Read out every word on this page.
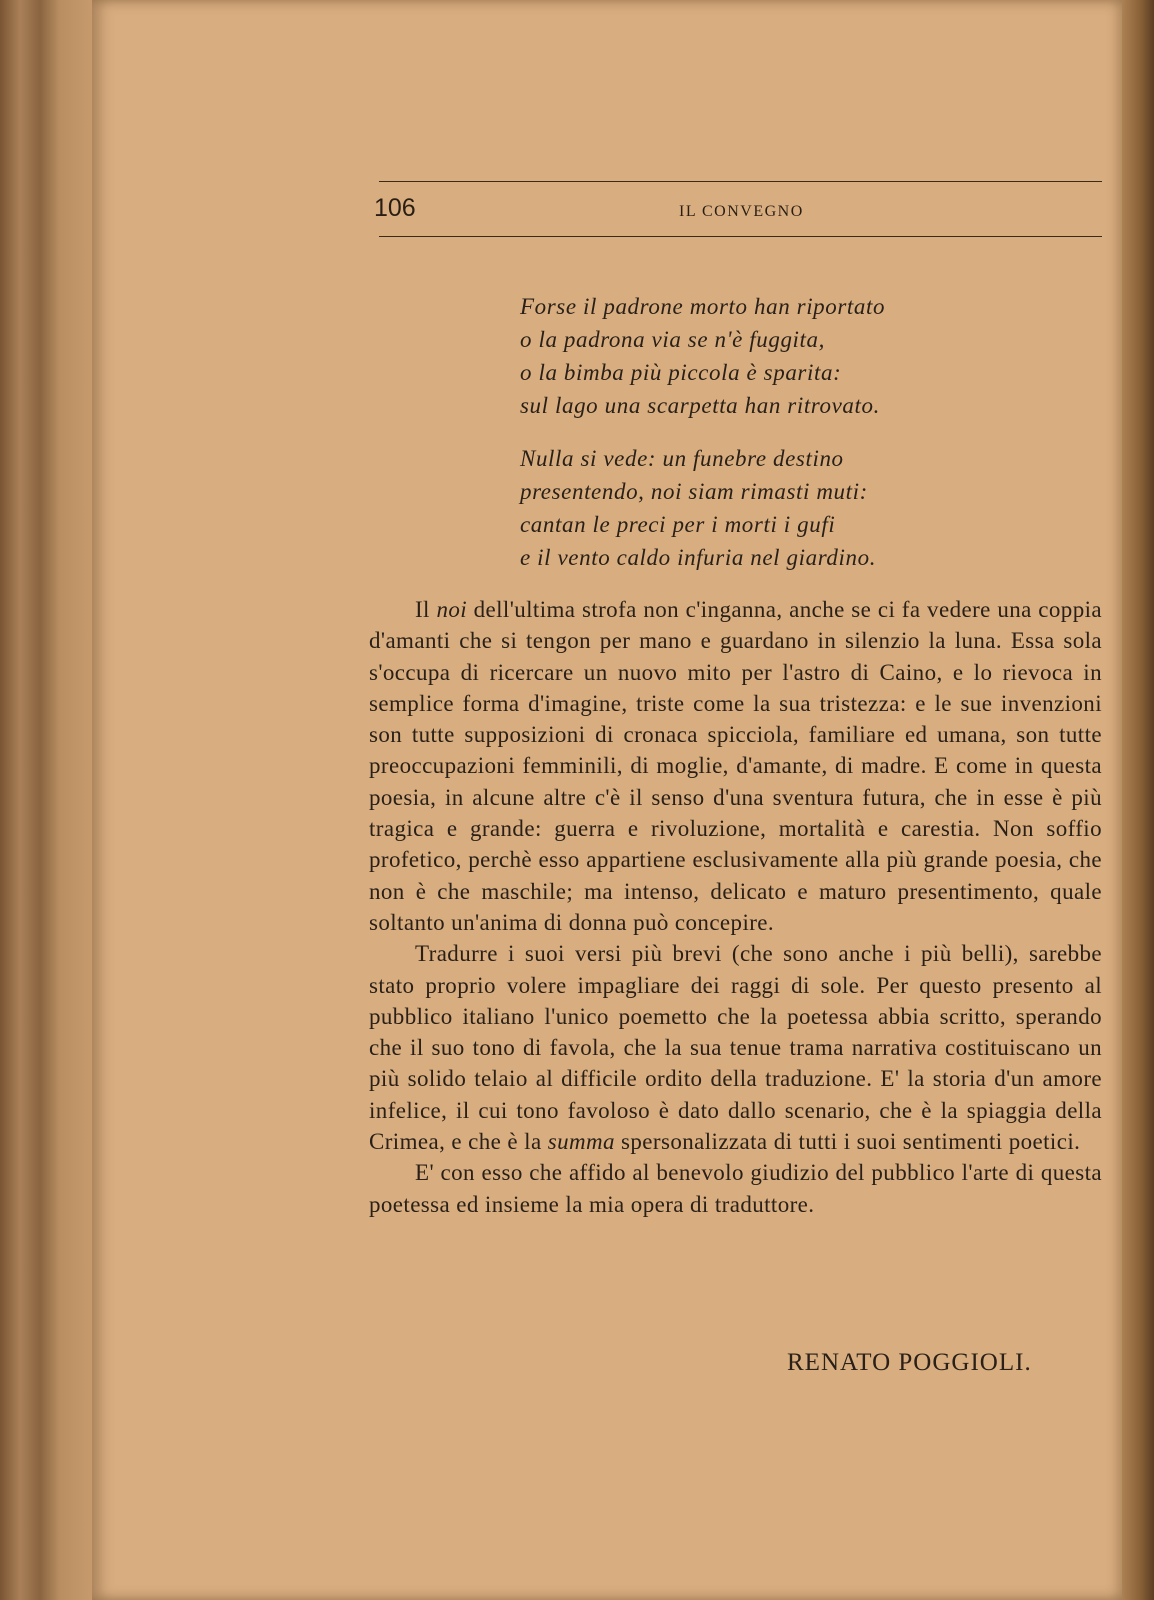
106	IL CONVEGNO

Forse il padrone morto han riportato
o la padrona via se n'è fuggita,
o la bimba più piccola è sparita:
sul lago una scarpetta han ritrovato.
Nulla si vede: un funebre destino
presentendo, noi siam rimasti muti:
cantan le preci per i morti i gufi
e il vento caldo infuria nel giardino.

Il noi dell'ultima strofa non c'inganna, anche se ci fa vedere una coppia d'amanti che si tengon per mano e guardano in silenzio la luna. Essa sola s'occupa di ricercare un nuovo mito per l'astro di Caino, e lo rievoca in semplice forma d'imagine, triste come la sua tristezza: e le sue invenzioni son tutte supposizioni di cronaca spicciola, familiare ed umana, son tutte preoccupazioni femminili, di moglie, d'amante, di madre. E come in questa poesia, in alcune altre c'è il senso d'una sventura futura, che in esse è più tragica e grande: guerra e rivoluzione, mortalità e carestia. Non soffio profetico, perchè esso appartiene esclusivamente alla più grande poesia, che non è che maschile; ma intenso, delicato e maturo presentimento, quale soltanto un'anima di donna può concepire.

Tradurre i suoi versi più brevi (che sono anche i più belli), sarebbe stato proprio volere impagliare dei raggi di sole. Per questo presento al pubblico italiano l'unico poemetto che la poetessa abbia scritto, sperando che il suo tono di favola, che la sua tenue trama narrativa costituiscano un più solido telaio al difficile ordito della traduzione. E' la storia d'un amore infelice, il cui tono favoloso è dato dallo scenario, che è la spiaggia della Crimea, e che è la summa spersonalizzata di tutti i suoi sentimenti poetici.

E' con esso che affido al benevolo giudizio del pubblico l'arte di questa poetessa ed insieme la mia opera di traduttore.

RENATO POGGIOLI.
